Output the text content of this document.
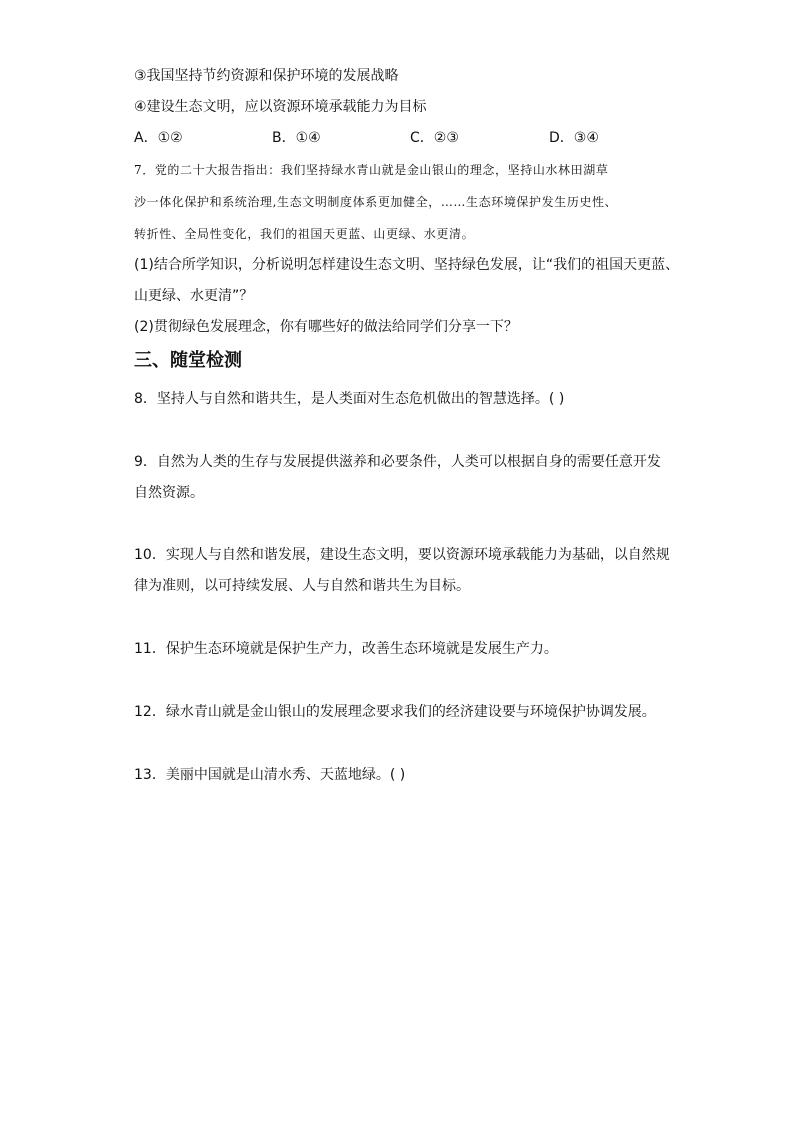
③我国坚持节约资源和保护环境的发展战略
④建设生态文明，应以资源环境承载能力为目标
A．①②	B．①④	C．②③	D．③④
7．党的二十大报告指出：我们坚持绿水青山就是金山银山的理念，坚持山水林田湖草
沙一体化保护和系统治理,生态文明制度体系更加健全，……生态环境保护发生历史性、
转折性、全局性变化，我们的祖国天更蓝、山更绿、水更清。
(1)结合所学知识，分析说明怎样建设生态文明、坚持绿色发展，让“我们的祖国天更蓝、
山更绿、水更清”？
(2)贯彻绿色发展理念，你有哪些好的做法给同学们分享一下？
三、随堂检测
8．坚持人与自然和谐共生，是人类面对生态危机做出的智慧选择。( )
9．自然为人类的生存与发展提供滋养和必要条件，人类可以根据自身的需要任意开发
自然资源。
10．实现人与自然和谐发展，建设生态文明，要以资源环境承载能力为基础，以自然规
律为准则，以可持续发展、人与自然和谐共生为目标。
11．保护生态环境就是保护生产力，改善生态环境就是发展生产力。
12．绿水青山就是金山银山的发展理念要求我们的经济建设要与环境保护协调发展。
13．美丽中国就是山清水秀、天蓝地绿。( )
